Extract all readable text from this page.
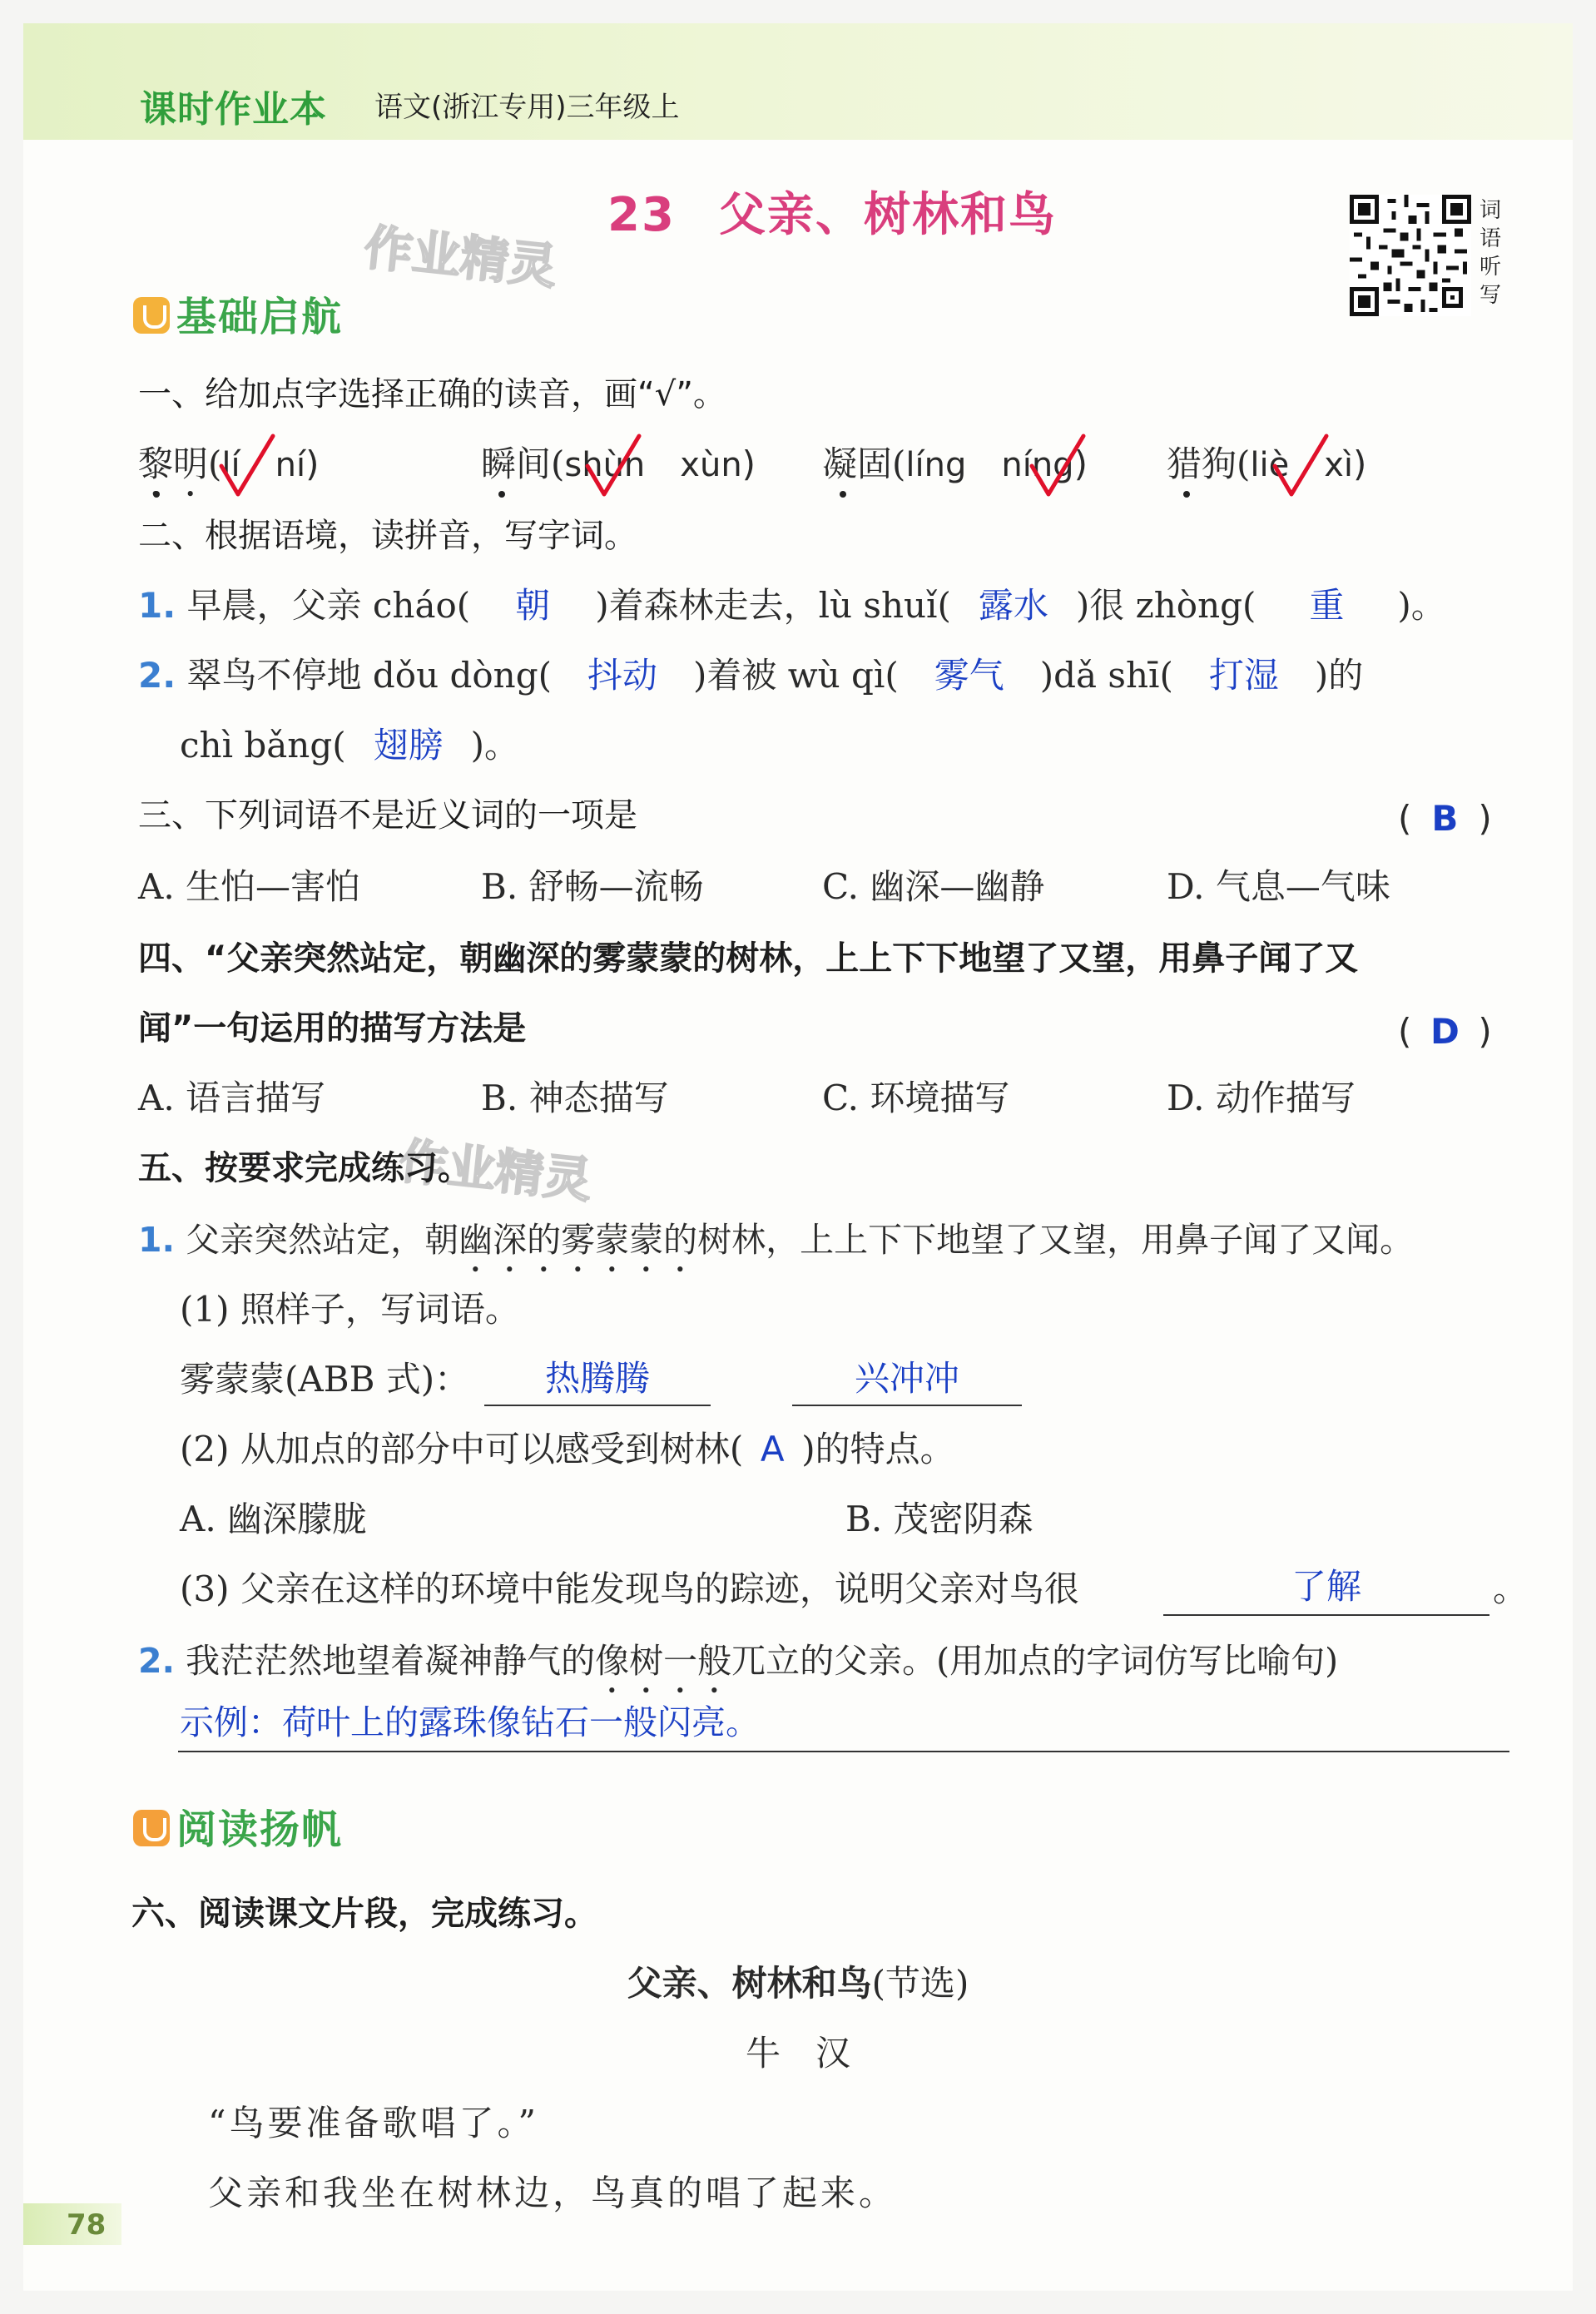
课时作业本 语文(浙江专用)三年级上
23 父亲、树林和鸟
作业精灵
作业精灵
词语听写
基础启航
一、给加点字选择正确的读音，画“√”。
黎明(lí ní)	瞬间(shùn xùn) 凝固(líng níng) 猎狗(liè xì)
二、根据语境，读拼音，写字词。
1. 早晨，父亲 cháo( 朝 )着森林走去，lù shuǐ( 露水 )很 zhòng( 重 )。
2. 翠鸟不停地 dǒu dòng( 抖动 )着被 wù qì( 雾气 )dǎ shī( 打湿 )的
chì bǎng( 翅膀 )。
三、下列词语不是近义词的一项是	( B )
A. 生怕—害怕	B. 舒畅—流畅	C. 幽深—幽静	D. 气息—气味
四、“父亲突然站定，朝幽深的雾蒙蒙的树林，上上下下地望了又望，用鼻子闻了又
闻”一句运用的描写方法是	( D )
A. 语言描写	B. 神态描写	C. 环境描写	D. 动作描写
五、按要求完成练习。
1. 父亲突然站定，朝幽深的雾蒙蒙的树林，上上下下地望了又望，用鼻子闻了又闻。
(1) 照样子，写词语。
雾蒙蒙(ABB 式)：	热腾腾	兴冲冲
(2) 从加点的部分中可以感受到树林( A )的特点。
A. 幽深朦胧	B. 茂密阴森
(3) 父亲在这样的环境中能发现鸟的踪迹，说明父亲对鸟很	了解	。
2. 我茫茫然地望着凝神静气的像树一般兀立的父亲。(用加点的字词仿写比喻句)
示例：荷叶上的露珠像钻石一般闪亮。
阅读扬帆
六、阅读课文片段，完成练习。
父亲、树林和鸟(节选)
牛　汉
“鸟要准备歌唱了。”
父亲和我坐在树林边，鸟真的唱了起来。
78
